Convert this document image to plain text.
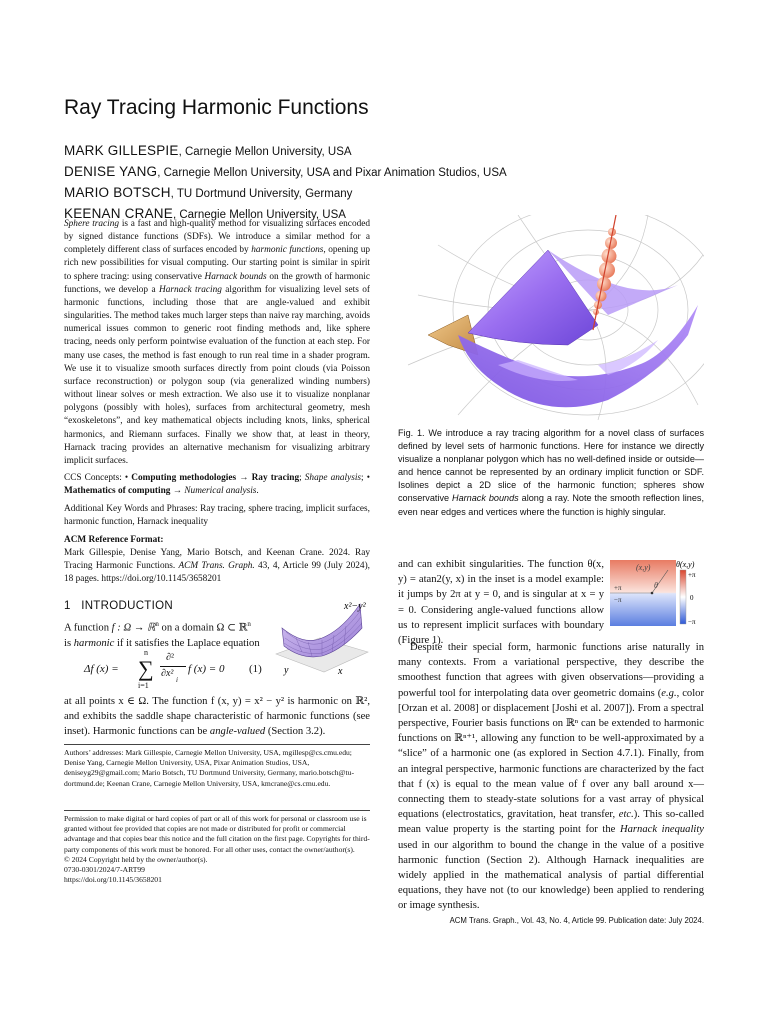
Ray Tracing Harmonic Functions
MARK GILLESPIE, Carnegie Mellon University, USA
DENISE YANG, Carnegie Mellon University, USA and Pixar Animation Studios, USA
MARIO BOTSCH, TU Dortmund University, Germany
KEENAN CRANE, Carnegie Mellon University, USA
Sphere tracing is a fast and high-quality method for visualizing surfaces encoded by signed distance functions (SDFs). We introduce a similar method for a completely different class of surfaces encoded by harmonic functions, opening up rich new possibilities for visual computing. Our starting point is similar in spirit to sphere tracing: using conservative Harnack bounds on the growth of harmonic functions, we develop a Harnack tracing algorithm for visualizing level sets of harmonic functions, including those that are angle-valued and exhibit singularities. The method takes much larger steps than naive ray marching, avoids numerical issues common to generic root finding methods and, like sphere tracing, needs only perform pointwise evaluation of the function at each step. For many use cases, the method is fast enough to run real time in a shader program. We use it to visualize smooth surfaces directly from point clouds (via Poisson surface reconstruction) or polygon soup (via generalized winding numbers) without linear solves or mesh extraction. We also use it to visualize nonplanar polygons (possibly with holes), surfaces from architectural geometry, mesh “exoskeletons”, and key mathematical objects including knots, links, spherical harmonics, and Riemann surfaces. Finally we show that, at least in theory, Harnack tracing provides an alternative mechanism for visualizing arbitrary implicit surfaces.
CCS Concepts: • Computing methodologies → Ray tracing; Shape analysis; • Mathematics of computing → Numerical analysis.
Additional Key Words and Phrases: Ray tracing, sphere tracing, implicit surfaces, harmonic function, Harnack inequality
ACM Reference Format:
Mark Gillespie, Denise Yang, Mario Botsch, and Keenan Crane. 2024. Ray Tracing Harmonic Functions. ACM Trans. Graph. 43, 4, Article 99 (July 2024), 18 pages. https://doi.org/10.1145/3658201
1 INTRODUCTION
A function f : Ω → ℝ$^n$ on a domain Ω ⊂ ℝ$^n$
is harmonic if it satisfies the Laplace equation
Δf (x) =
n
∑
i=1
∂²
∂x²
i
f (x) = 0 (1)
x²−y²
y	x
at all points x ∈ Ω. The function f (x, y) = x² − y² is harmonic on ℝ², and exhibits the saddle shape characteristic of harmonic functions (see inset). Harmonic functions can be angle-valued (Section 3.2).
Authors’ addresses: Mark Gillespie, Carnegie Mellon University, USA, mgillesp@cs.cmu.edu; Denise Yang, Carnegie Mellon University, USA, Pixar Animation Studios, USA, deniseyg29@gmail.com; Mario Botsch, TU Dortmund University, Germany, mario.botsch@tu-dortmund.de; Keenan Crane, Carnegie Mellon University, USA, kmcrane@cs.cmu.edu.
Permission to make digital or hard copies of part or all of this work for personal or classroom use is granted without fee provided that copies are not made or distributed for profit or commercial advantage and that copies bear this notice and the full citation on the first page. Copyrights for third-party components of this work must be honored. For all other uses, contact the owner/author(s).
© 2024 Copyright held by the owner/author(s).
0730-0301/2024/7-ART99
https://doi.org/10.1145/3658201
Fig. 1. We introduce a ray tracing algorithm for a novel class of surfaces defined by level sets of harmonic functions. Here for instance we directly visualize a nonplanar polygon which has no well-defined inside or outside—and hence cannot be represented by an ordinary implicit function or SDF. Isolines depict a 2D slice of the harmonic function; spheres show conservative Harnack bounds along a ray. Note the smooth reflection lines, even near edges and vertices where the function is highly singular.
and can exhibit singularities. The function θ(x, y) = atan2(y, x) in the inset is a model example: it jumps by 2π at y = 0, and is singular at x = y = 0. Considering angle-valued functions allow us to represent implicit surfaces with boundary (Figure 1).
(x,y)
θ
+π
−π
θ(x,y)
+π
0
−π
Despite their special form, harmonic functions arise naturally in many contexts. From a variational perspective, they describe the smoothest function that agrees with given observations—providing a powerful tool for interpolating data over geometric domains (e.g., color [Orzan et al. 2008] or displacement [Joshi et al. 2007]). From a spectral perspective, Fourier basis functions on ℝⁿ can be extended to harmonic functions on ℝⁿ⁺¹, allowing any function to be well-approximated by a “slice” of a harmonic one (as explored in Section 4.7.1). Finally, from an integral perspective, harmonic functions are characterized by the fact that f (x) is equal to the mean value of f over any ball around x—connecting them to steady-state solutions for a vast array of physical equations (electrostatics, gravitation, heat transfer, etc.). This so-called mean value property is the starting point for the Harnack inequality used in our algorithm to bound the change in the value of a positive harmonic function (Section 2). Although Harnack inequalities are widely applied in the mathematical analysis of partial differential equations, they have not (to our knowledge) been applied to rendering or image synthesis.
ACM Trans. Graph., Vol. 43, No. 4, Article 99. Publication date: July 2024.
